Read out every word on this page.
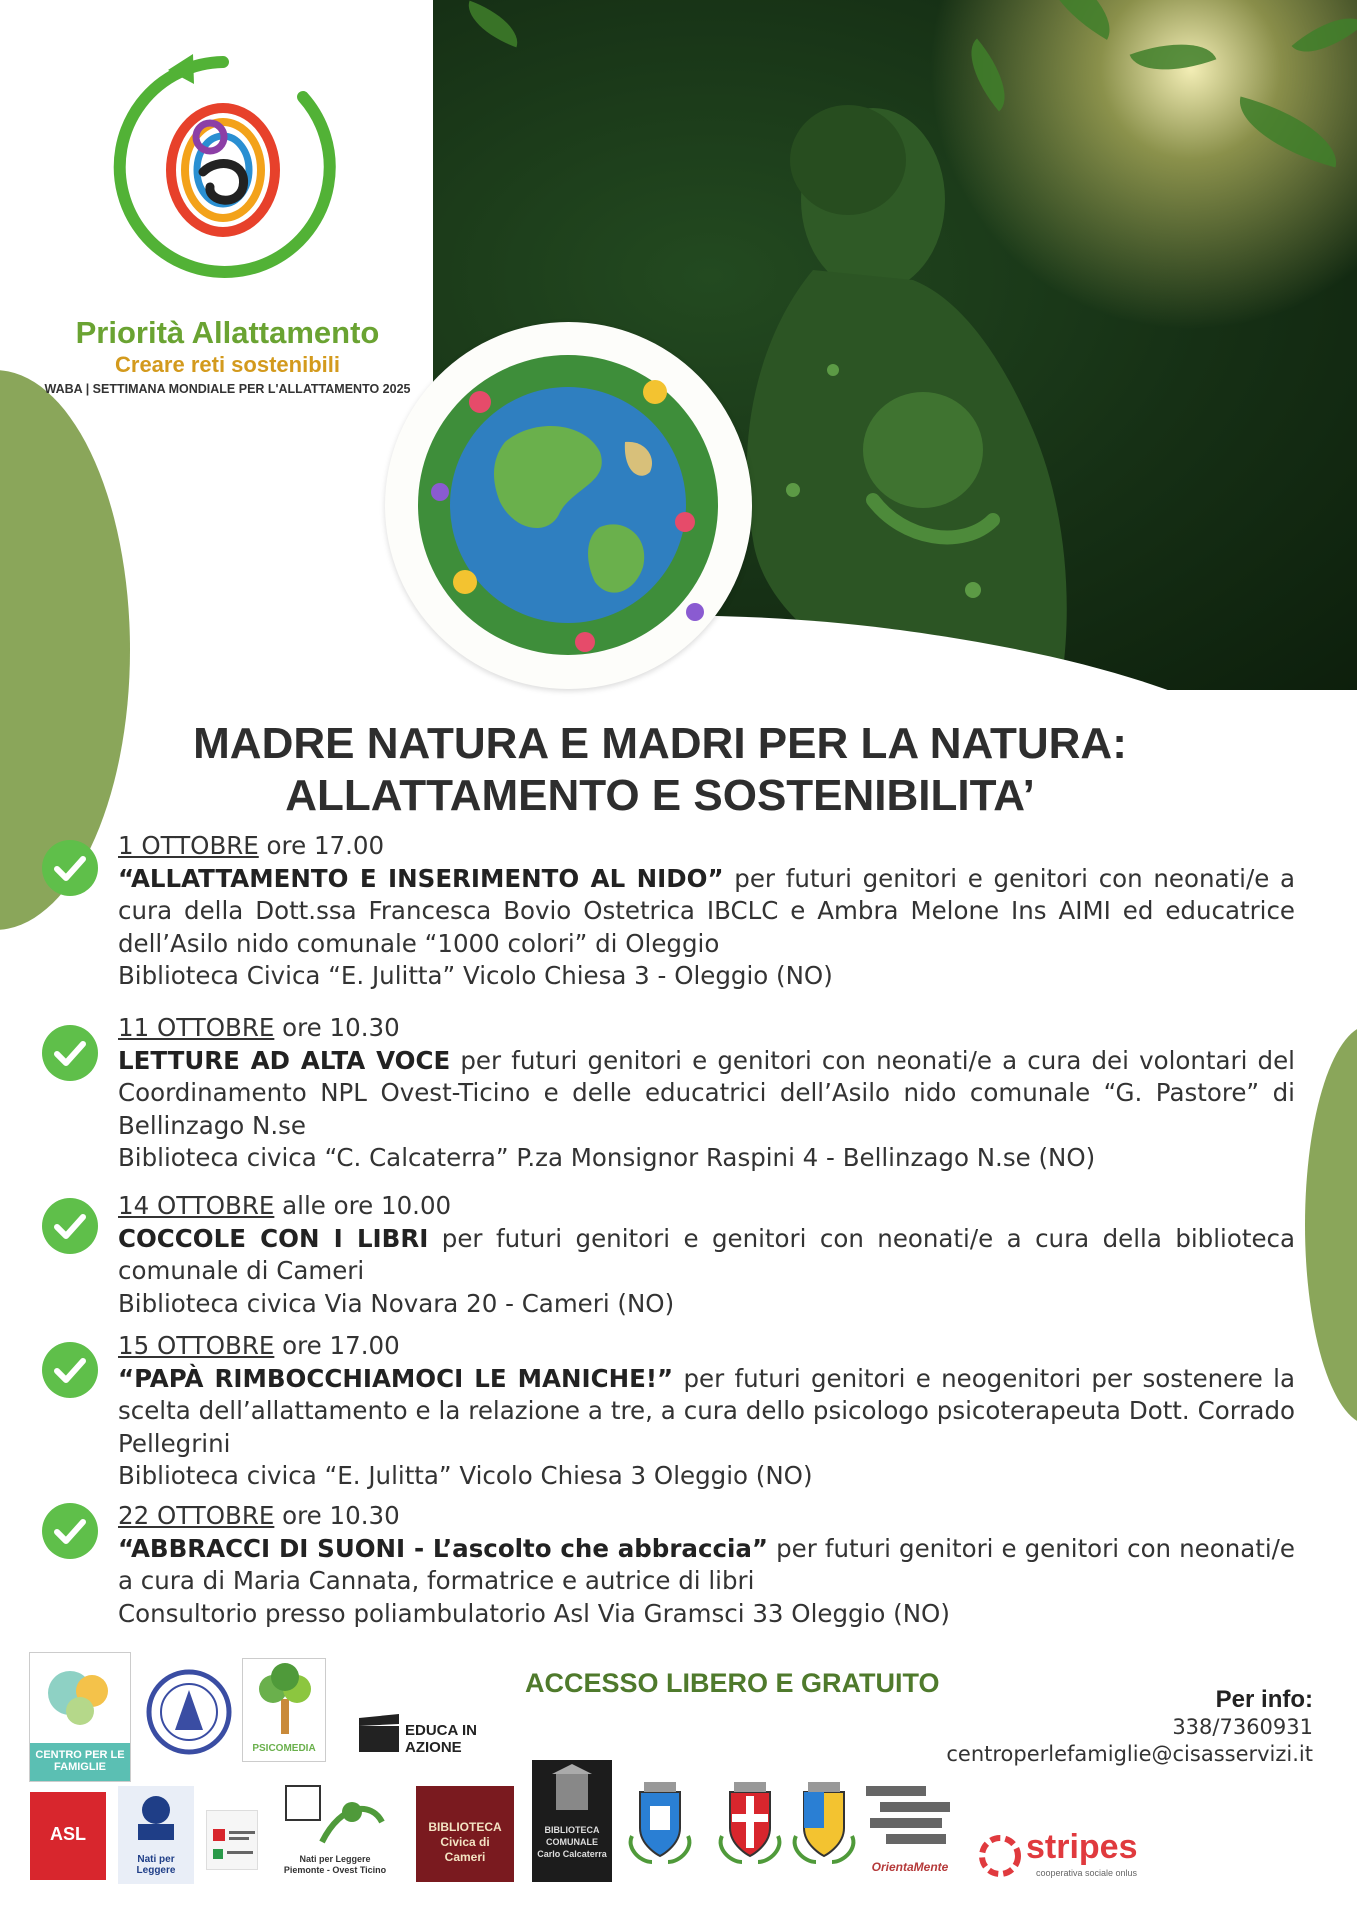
Priorità Allattamento
Creare reti sostenibili
WABA | SETTIMANA MONDIALE PER L'ALLATTAMENTO 2025
MADRE NATURA E MADRI PER LA NATURA:
ALLATTAMENTO E SOSTENIBILITA’
1 OTTOBRE ore 17.00
“ALLATTAMENTO E INSERIMENTO AL NIDO” per futuri genitori e genitori con neonati/e a cura della Dott.ssa Francesca Bovio Ostetrica IBCLC e Ambra Melone Ins AIMI ed educatrice dell’Asilo nido comunale “1000 colori” di Oleggio
Biblioteca Civica “E. Julitta” Vicolo Chiesa 3 - Oleggio (NO)
11 OTTOBRE ore 10.30
LETTURE AD ALTA VOCE per futuri genitori e genitori con neonati/e a cura dei volontari del Coordinamento NPL Ovest-Ticino e delle educatrici dell’Asilo nido comunale “G. Pastore” di Bellinzago N.se
Biblioteca civica “C. Calcaterra” P.za Monsignor Raspini 4 - Bellinzago N.se (NO)
14 OTTOBRE alle ore 10.00
COCCOLE CON I LIBRI per futuri genitori e genitori con neonati/e a cura della biblioteca comunale di Cameri
Biblioteca civica Via Novara 20 - Cameri (NO)
15 OTTOBRE ore 17.00
“PAPÀ RIMBOCCHIAMOCI LE MANICHE!” per futuri genitori e neogenitori per sostenere la scelta dell’allattamento e la relazione a tre, a cura dello psicologo psicoterapeuta Dott. Corrado Pellegrini
Biblioteca civica “E. Julitta” Vicolo Chiesa 3 Oleggio (NO)
22 OTTOBRE ore 10.30
“ABBRACCI DI SUONI - L’ascolto che abbraccia” per futuri genitori e genitori con neonati/e a cura di Maria Cannata, formatrice e autrice di libri
Consultorio presso poliambulatorio Asl Via Gramsci 33 Oleggio (NO)
ACCESSO LIBERO E GRATUITO
Per info:
338/7360931
centroperlefamiglie@cisasservizi.it
CENTRO PER LE FAMIGLIE
PSICOMEDIA
EDUCA IN AZIONE
ASL
Nati per Leggere
Nati per Leggere Piemonte - Ovest Ticino
BIBLIOTECA Civica di Cameri
BIBLIOTECA COMUNALE Carlo Calcaterra
OrientaMente
stripes
cooperativa sociale onlus
